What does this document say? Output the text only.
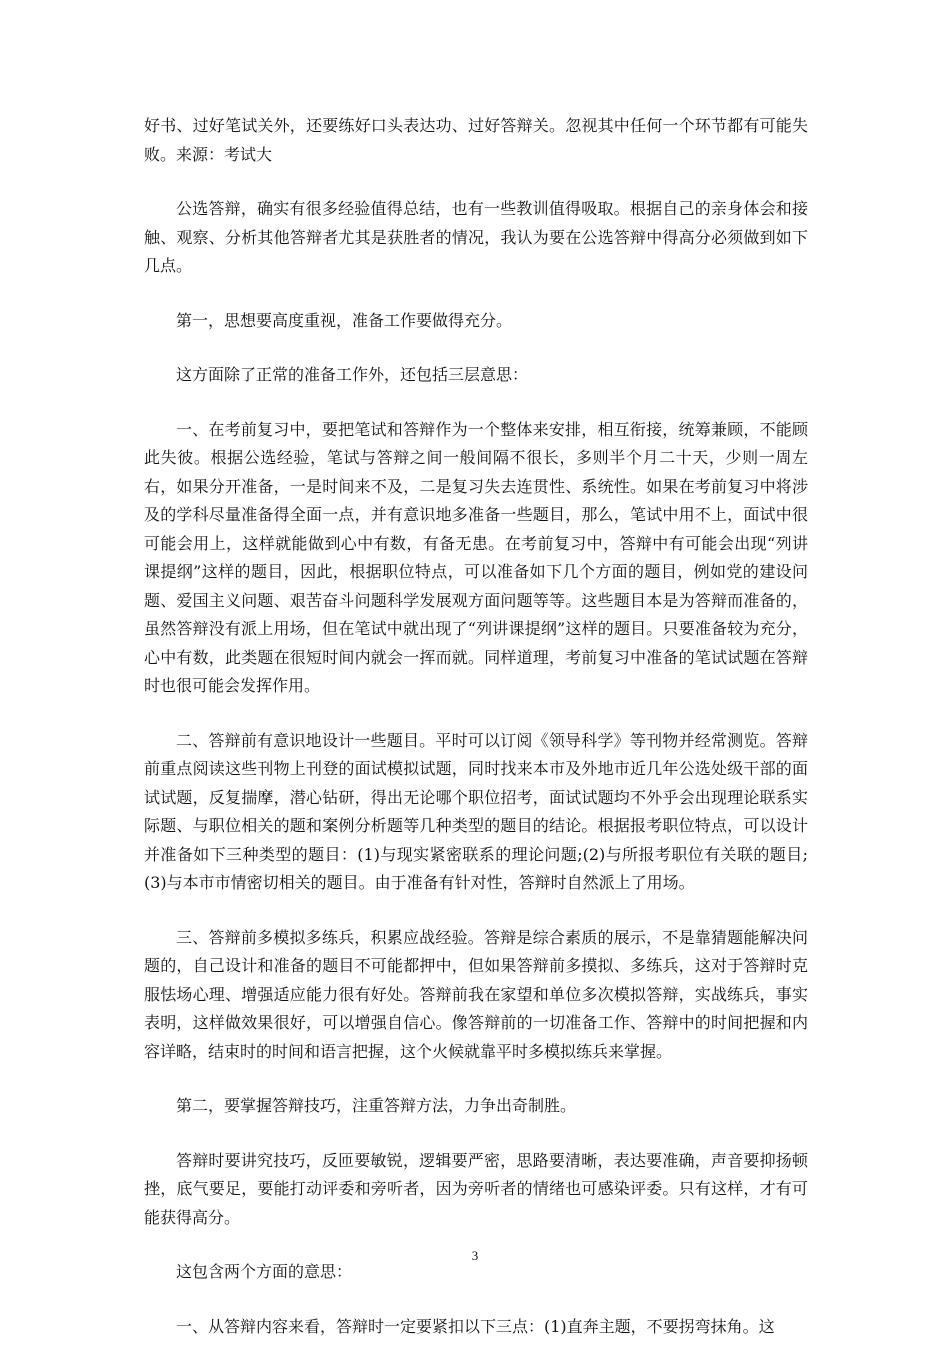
好书、过好笔试关外，还要练好口头表达功、过好答辩关。忽视其中任何一个环节都有可能失败。来源：考试大

公选答辩，确实有很多经验值得总结，也有一些教训值得吸取。根据自己的亲身体会和接触、观察、分析其他答辩者尤其是获胜者的情况，我认为要在公选答辩中得高分必须做到如下几点。

第一，思想要高度重视，准备工作要做得充分。

这方面除了正常的准备工作外，还包括三层意思：

一、在考前复习中，要把笔试和答辩作为一个整体来安排，相互衔接，统筹兼顾，不能顾此失彼。根据公选经验，笔试与答辩之间一般间隔不很长，多则半个月二十天，少则一周左右，如果分开准备，一是时间来不及，二是复习失去连贯性、系统性。如果在考前复习中将涉及的学科尽量准备得全面一点，并有意识地多准备一些题目，那么，笔试中用不上，面试中很可能会用上，这样就能做到心中有数，有备无患。在考前复习中，答辩中有可能会出现“列讲课提纲”这样的题目，因此，根据职位特点，可以准备如下几个方面的题目，例如党的建设问题、爱国主义问题、艰苦奋斗问题科学发展观方面问题等等。这些题目本是为答辩而准备的，虽然答辩没有派上用场，但在笔试中就出现了“列讲课提纲”这样的题目。只要准备较为充分，心中有数，此类题在很短时间内就会一挥而就。同样道理，考前复习中准备的笔试试题在答辩时也很可能会发挥作用。

二、答辩前有意识地设计一些题目。平时可以订阅《领导科学》等刊物并经常测览。答辩前重点阅读这些刊物上刊登的面试模拟试题，同时找来本市及外地市近几年公选处级干部的面试试题，反复揣摩，潜心钻研，得出无论哪个职位招考，面试试题均不外乎会出现理论联系实际题、与职位相关的题和案例分析题等几种类型的题目的结论。根据报考职位特点，可以设计并准备如下三种类型的题目：(1)与现实紧密联系的理论问题;(2)与所报考职位有关联的题目;(3)与本市市情密切相关的题目。由于准备有针对性，答辩时自然派上了用场。

三、答辩前多模拟多练兵，积累应战经验。答辩是综合素质的展示，不是靠猜题能解决问题的，自己设计和准备的题目不可能都押中，但如果答辩前多摸拟、多练兵，这对于答辩时克服怯场心理、增强适应能力很有好处。答辩前我在家望和单位多次模拟答辩，实战练兵，事实表明，这样做效果很好，可以增强自信心。像答辩前的一切准备工作、答辩中的时间把握和内容详略，结束时的时间和语言把握，这个火候就靠平时多模拟练兵来掌握。

第二，要掌握答辩技巧，注重答辩方法，力争出奇制胜。

答辩时要讲究技巧，反匝要敏锐，逻辑要严密，思路要清晰，表达要准确，声音要抑扬顿挫，底气要足，要能打动评委和旁听者，因为旁听者的情绪也可感染评委。只有这样，才有可能获得高分。

这包含两个方面的意思：

一、从答辩内容来看，答辩时一定要紧扣以下三点：(1)直奔主题，不要拐弯抹角。这

3
